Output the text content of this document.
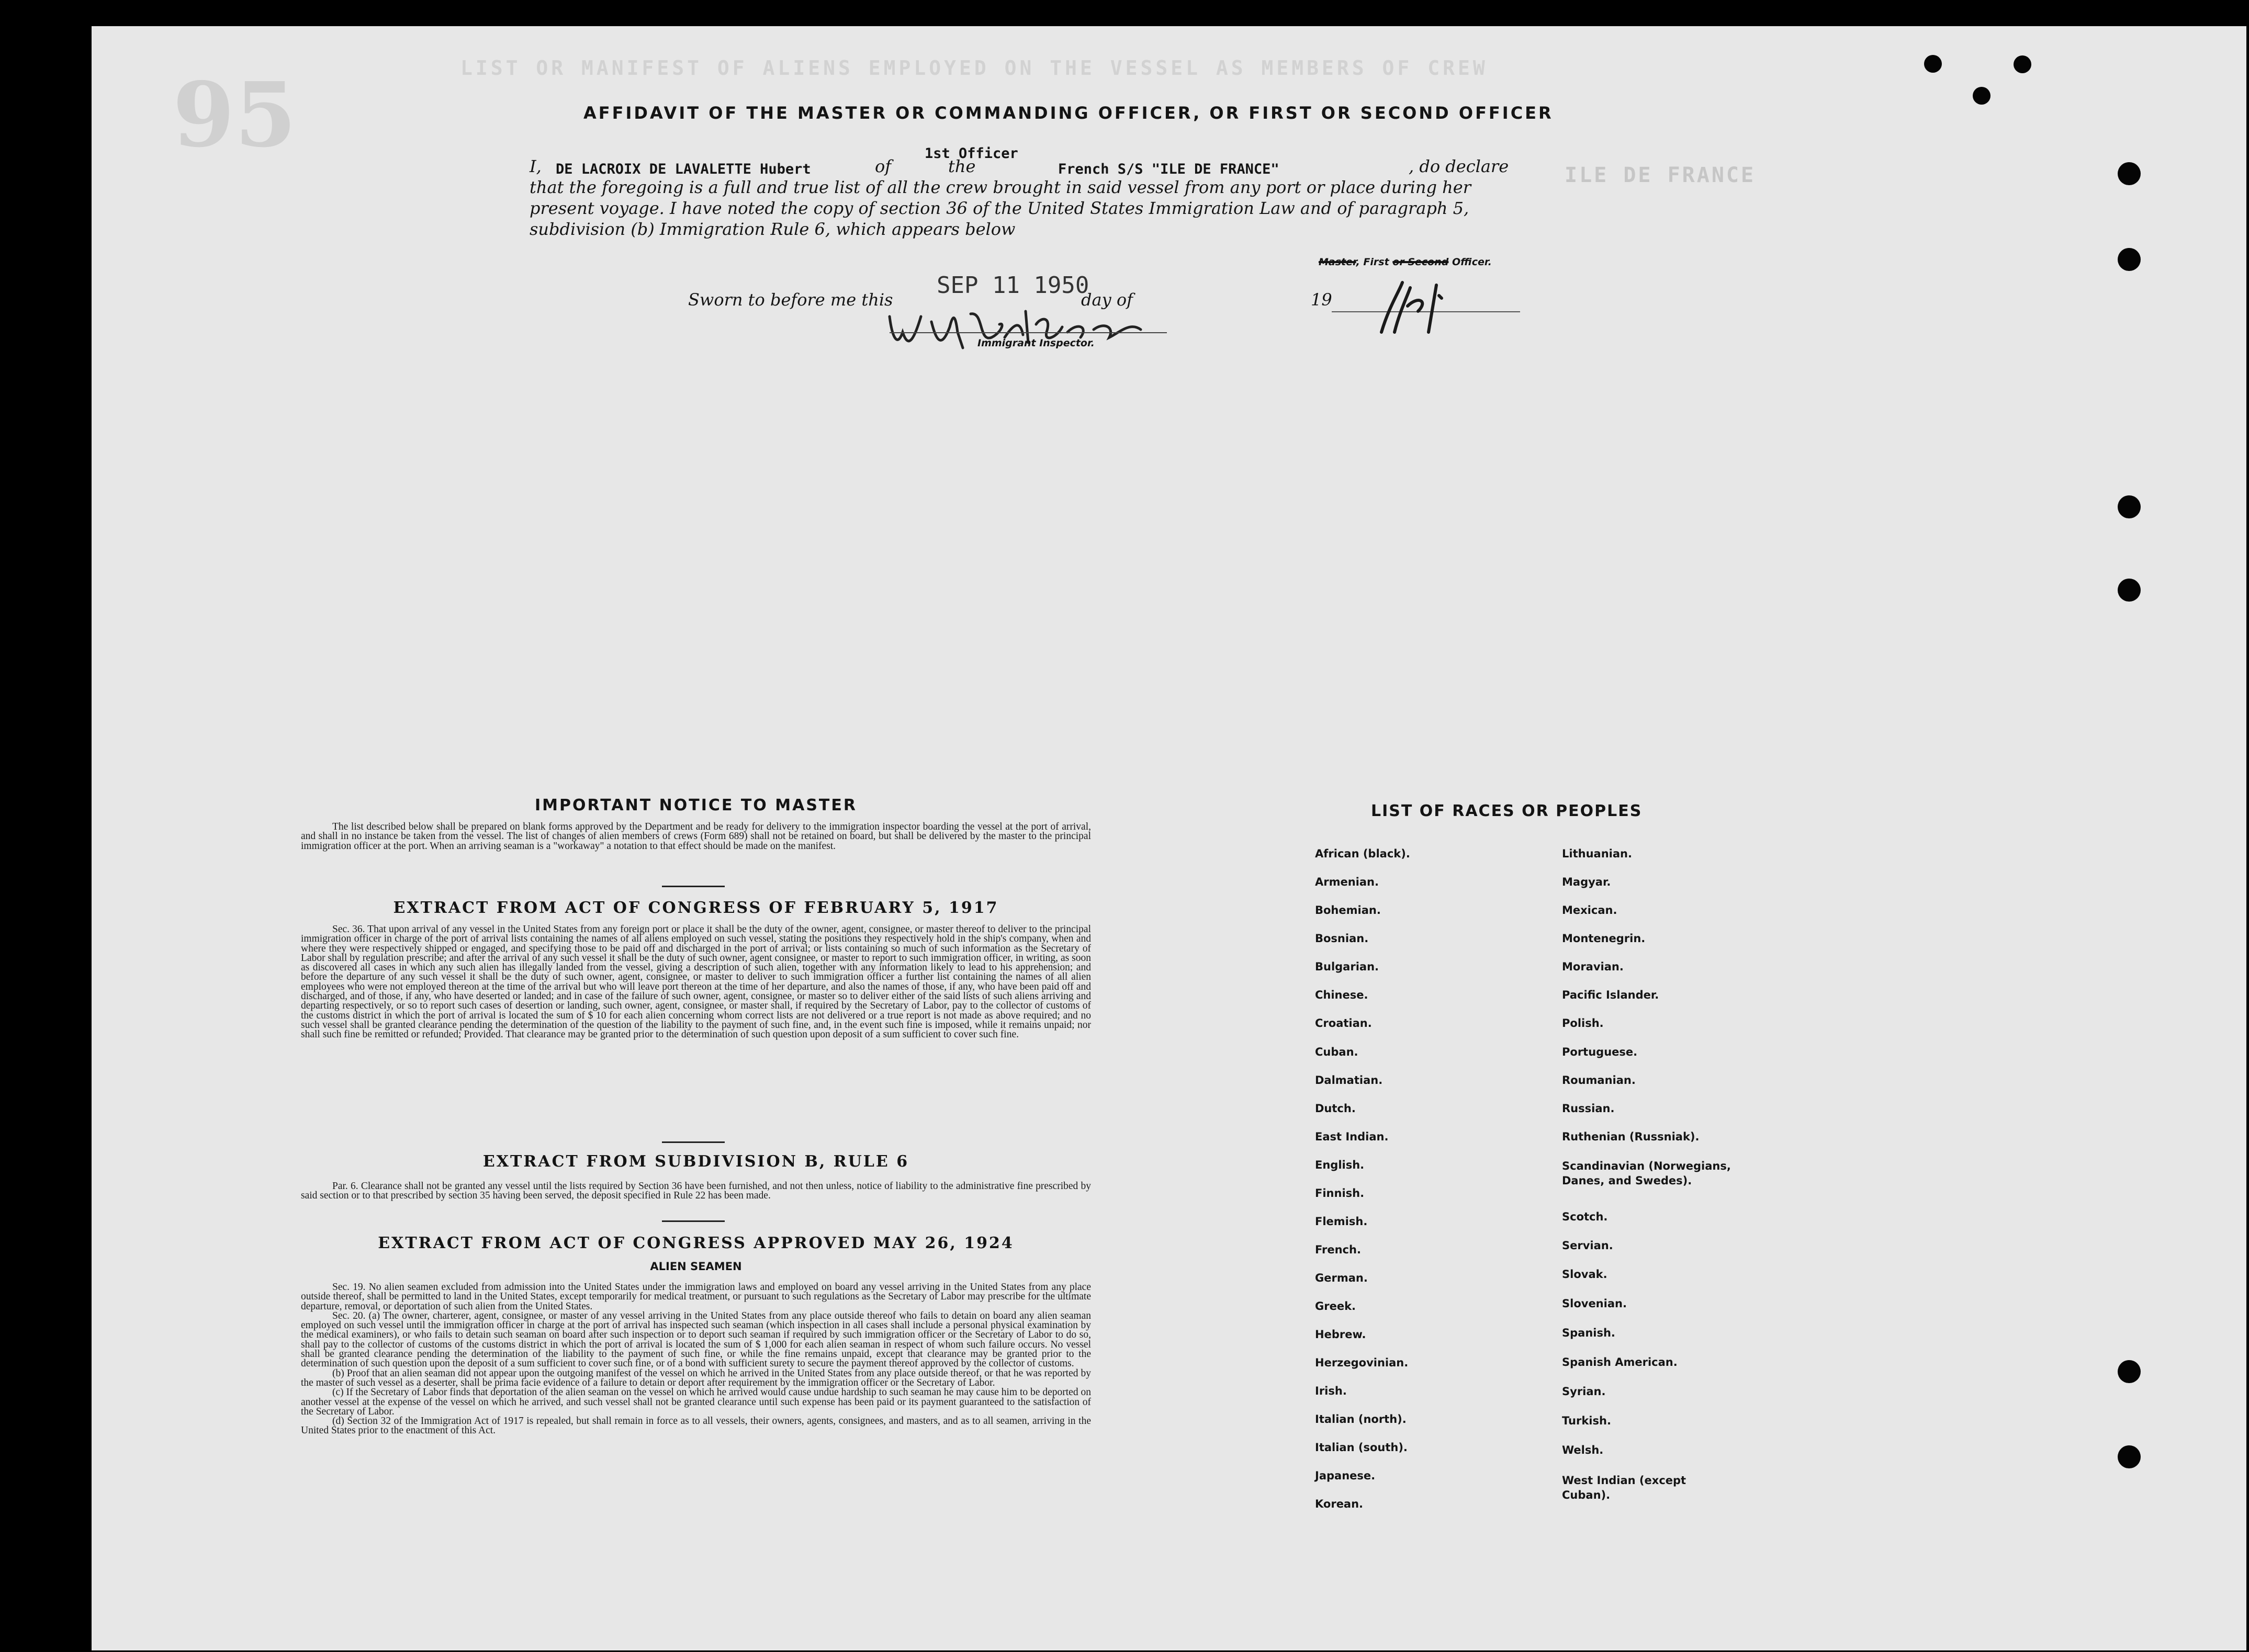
LIST OR MANIFEST OF ALIENS EMPLOYED ON THE VESSEL AS MEMBERS OF CREW
95
ILE DE FRANCE
AFFIDAVIT OF THE MASTER OR COMMANDING OFFICER, OR FIRST OR SECOND OFFICER
I, DE LACROIX DE LAVALETTE Hubert	of
1st Officer
the	French S/S "ILE DE FRANCE"	, do declare
that the foregoing is a full and true list of all the crew brought in said vessel from any port or place during her
present voyage. I have noted the copy of section 36 of the United States Immigration Law and of paragraph 5,
subdivision (b) Immigration Rule 6, which appears below
Master, First or Second Officer.
Sworn to before me this
SEP 11 1950
day of	19
Immigrant Inspector.
IMPORTANT NOTICE TO MASTER

The list described below shall be prepared on blank forms approved by the Department and be ready for delivery to the immigration inspector boarding the vessel at the port of arrival, and shall in no instance be taken from the vessel. The list of changes of alien members of crews (Form 689) shall not be retained on board, but shall be delivered by the master to the principal immigration officer at the port. When an arriving seaman is a "workaway" a notation to that effect should be made on the manifest.

EXTRACT FROM ACT OF CONGRESS OF FEBRUARY 5, 1917

Sec. 36. That upon arrival of any vessel in the United States from any foreign port or place it shall be the duty of the owner, agent, consignee, or master thereof to deliver to the principal immigration officer in charge of the port of arrival lists containing the names of all aliens employed on such vessel, stating the positions they respectively hold in the ship's company, when and where they were respectively shipped or engaged, and specifying those to be paid off and discharged in the port of arrival; or lists containing so much of such information as the Secretary of Labor shall by regulation prescribe; and after the arrival of any such vessel it shall be the duty of such owner, agent consignee, or master to report to such immigration officer, in writing, as soon as discovered all cases in which any such alien has illegally landed from the vessel, giving a description of such alien, together with any information likely to lead to his apprehension; and before the departure of any such vessel it shall be the duty of such owner, agent, consignee, or master to deliver to such immigration officer a further list containing the names of all alien employees who were not employed thereon at the time of the arrival but who will leave port thereon at the time of her departure, and also the names of those, if any, who have been paid off and discharged, and of those, if any, who have deserted or landed; and in case of the failure of such owner, agent, consignee, or master so to deliver either of the said lists of such aliens arriving and departing respectively, or so to report such cases of desertion or landing, such owner, agent, consignee, or master shall, if required by the Secretary of Labor, pay to the collector of customs of the customs district in which the port of arrival is located the sum of $ 10 for each alien concerning whom correct lists are not delivered or a true report is not made as above required; and no such vessel shall be granted clearance pending the determination of the question of the liability to the payment of such fine, and, in the event such fine is imposed, while it remains unpaid; nor shall such fine be remitted or refunded; Provided. That clearance may be granted prior to the determination of such question upon deposit of a sum sufficient to cover such fine.

EXTRACT FROM SUBDIVISION B, RULE 6

Par. 6. Clearance shall not be granted any vessel until the lists required by Section 36 have been furnished, and not then unless, notice of liability to the administrative fine prescribed by said section or to that prescribed by section 35 having been served, the deposit specified in Rule 22 has been made.

EXTRACT FROM ACT OF CONGRESS APPROVED MAY 26, 1924
ALIEN SEAMEN

Sec. 19. No alien seamen excluded from admission into the United States under the immigration laws and employed on board any vessel arriving in the United States from any place outside thereof, shall be permitted to land in the United States, except temporarily for medical treatment, or pursuant to such regulations as the Secretary of Labor may prescribe for the ultimate departure, removal, or deportation of such alien from the United States.

Sec. 20. (a) The owner, charterer, agent, consignee, or master of any vessel arriving in the United States from any place outside thereof who fails to detain on board any alien seaman employed on such vessel until the immigration officer in charge at the port of arrival has inspected such seaman (which inspection in all cases shall include a personal physical examination by the medical examiners), or who fails to detain such seaman on board after such inspection or to deport such seaman if required by such immigration officer or the Secretary of Labor to do so, shall pay to the collector of customs of the customs district in which the port of arrival is located the sum of $ 1,000 for each alien seaman in respect of whom such failure occurs. No vessel shall be granted clearance pending the determination of the liability to the payment of such fine, or while the fine remains unpaid, except that clearance may be granted prior to the determination of such question upon the deposit of a sum sufficient to cover such fine, or of a bond with sufficient surety to secure the payment thereof approved by the collector of customs.

(b) Proof that an alien seaman did not appear upon the outgoing manifest of the vessel on which he arrived in the United States from any place outside thereof, or that he was reported by the master of such vessel as a deserter, shall be prima facie evidence of a failure to detain or deport after requirement by the immigration officer or the Secretary of Labor.

(c) If the Secretary of Labor finds that deportation of the alien seaman on the vessel on which he arrived would cause undue hardship to such seaman he may cause him to be deported on another vessel at the expense of the vessel on which he arrived, and such vessel shall not be granted clearance until such expense has been paid or its payment guaranteed to the satisfaction of the Secretary of Labor.

(d) Section 32 of the Immigration Act of 1917 is repealed, but shall remain in force as to all vessels, their owners, agents, consignees, and masters, and as to all seamen, arriving in the United States prior to the enactment of this Act.

LIST OF RACES OR PEOPLES
African (black).
Armenian.
Bohemian.
Bosnian.
Bulgarian.
Chinese.
Croatian.
Cuban.
Dalmatian.
Dutch.
East Indian.
English.
Finnish.
Flemish.
French.
German.
Greek.
Hebrew.
Herzegovinian.
Irish.
Italian (north).
Italian (south).
Japanese.
Korean.
Lithuanian.
Magyar.
Mexican.
Montenegrin.
Moravian.
Pacific Islander.
Polish.
Portuguese.
Roumanian.
Russian.
Ruthenian (Russniak).
Scandinavian (Norwegians, Danes, and Swedes).
Scotch.
Servian.
Slovak.
Slovenian.
Spanish.
Spanish American.
Syrian.
Turkish.
Welsh.
West Indian (except Cuban).
